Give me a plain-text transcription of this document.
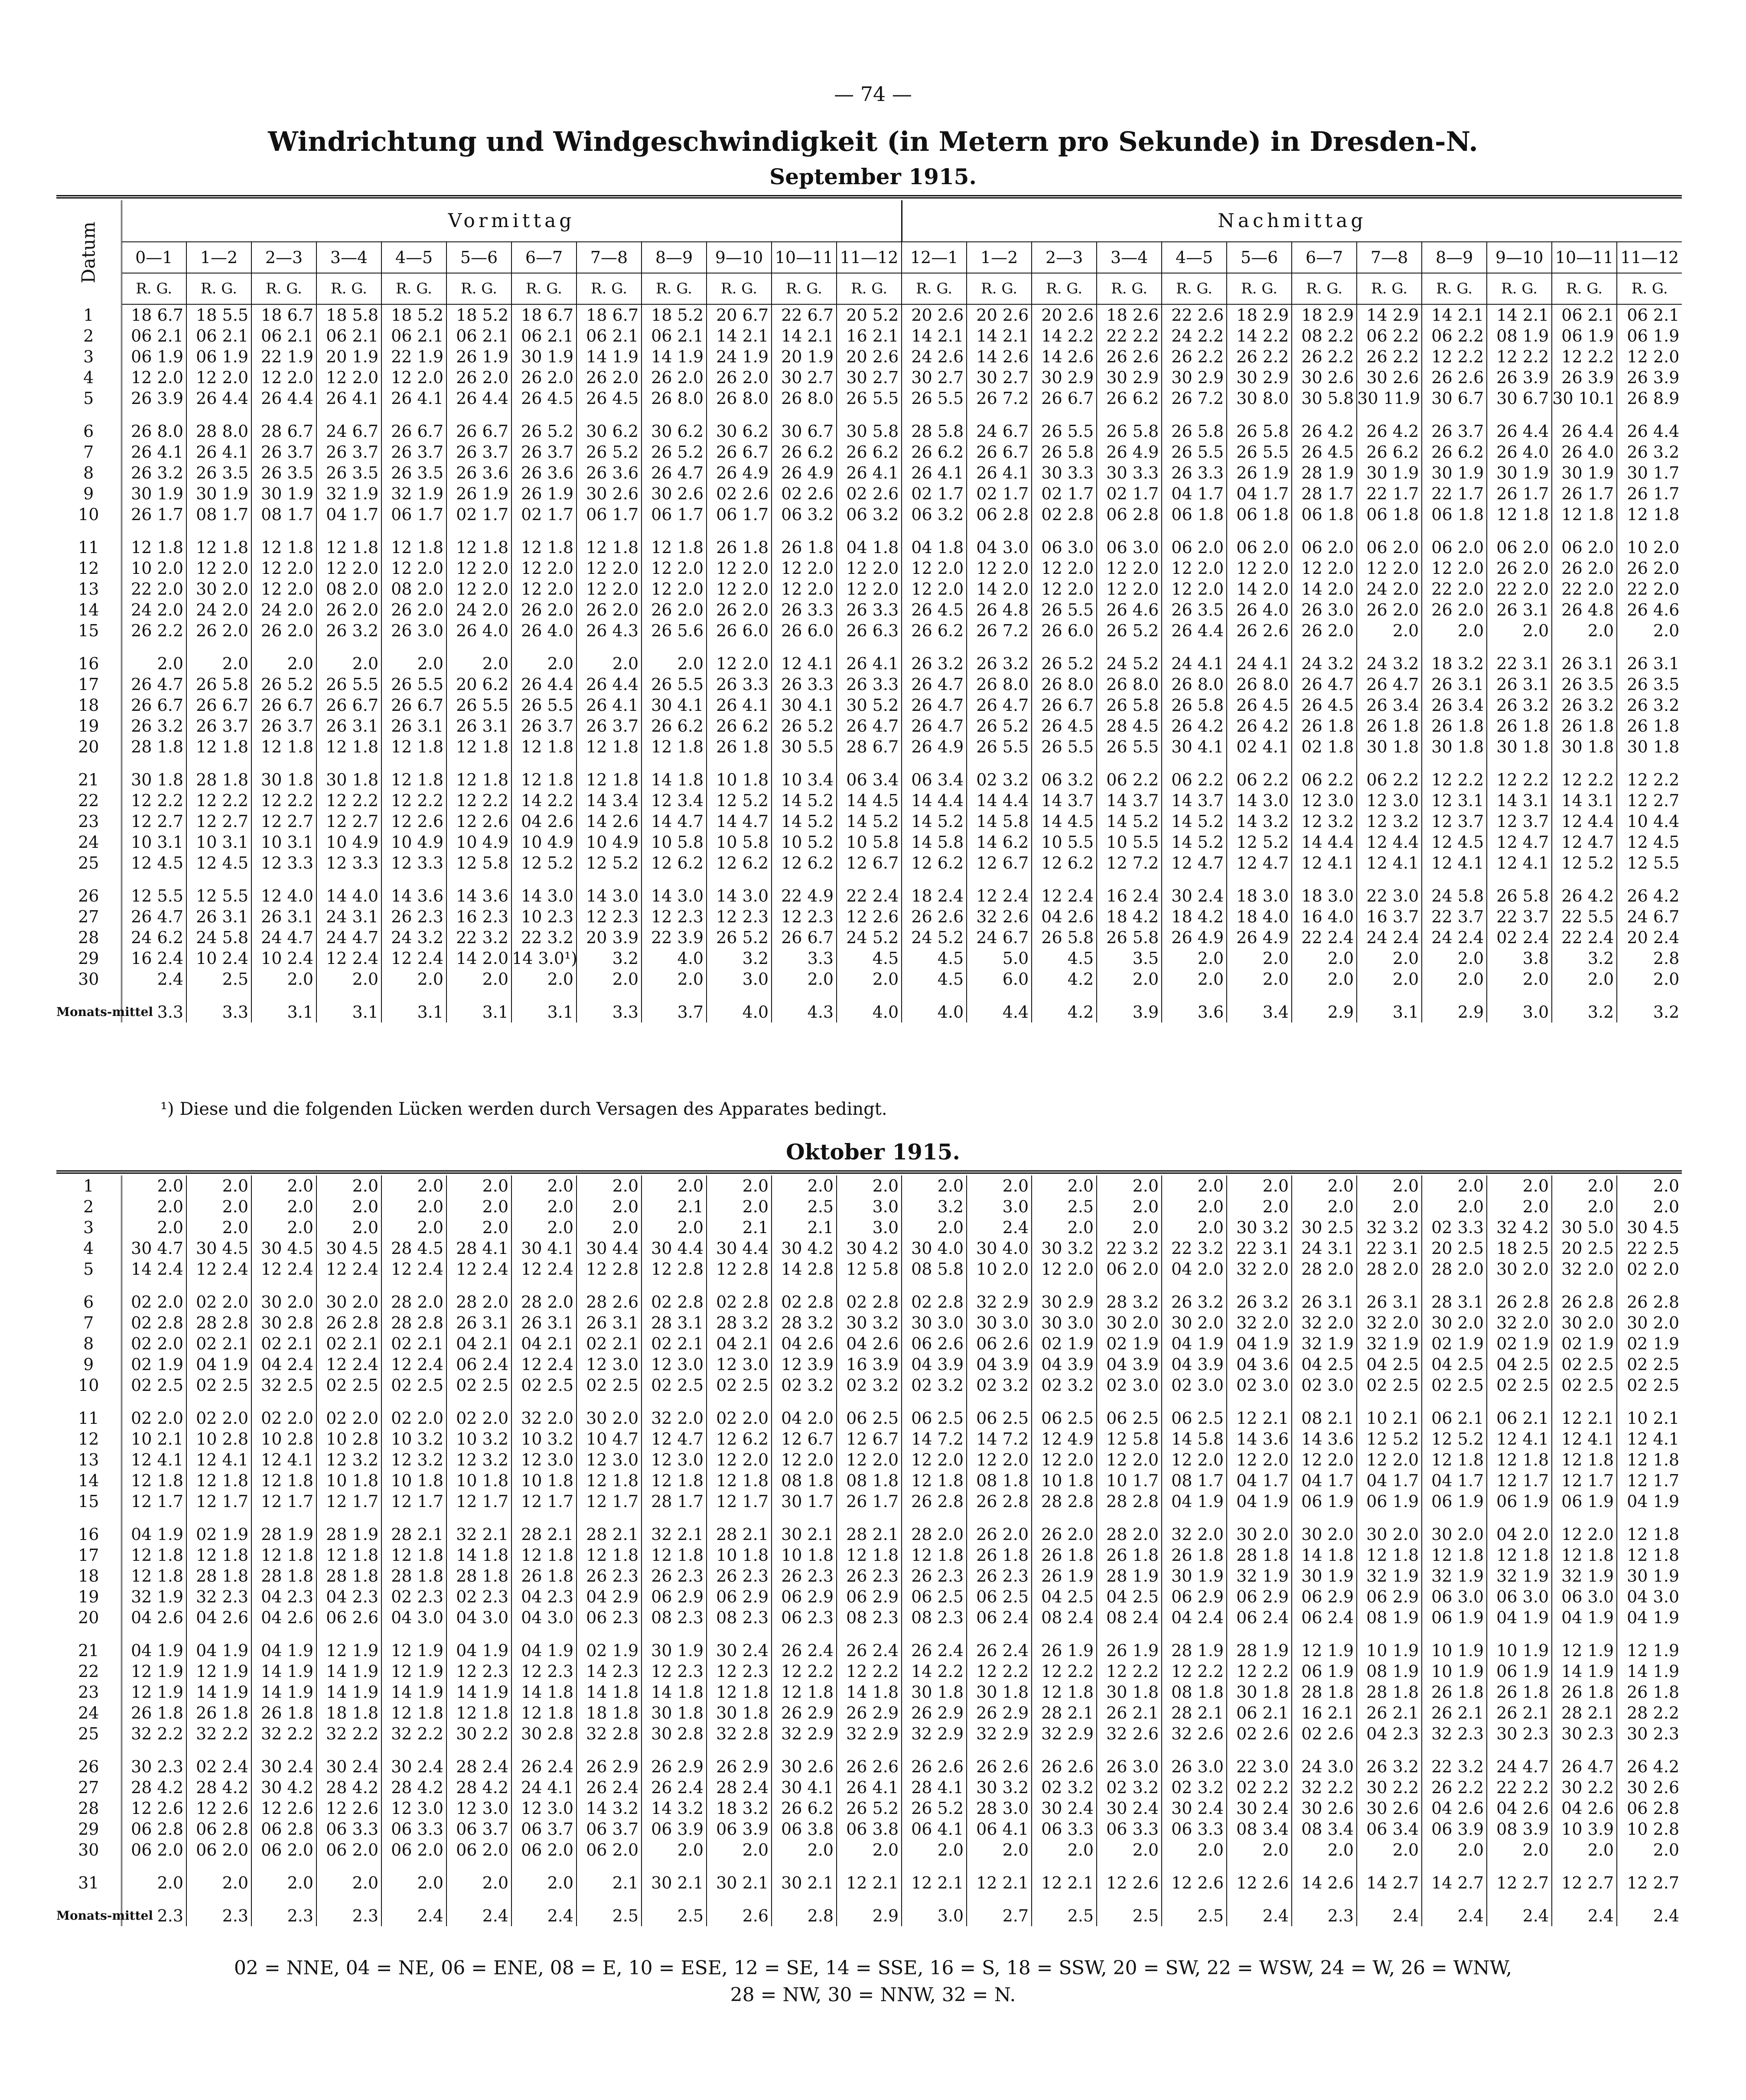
— 74 —
Windrichtung und Windgeschwindigkeit (in Metern pro Sekunde) in Dresden-N.
September 1915.
Datum	Vormittag												Nachmittag											
	0—1	1—2	2—3	3—4	4—5	5—6	6—7	7—8	8—9	9—10	10—11	11—12	12—1	1—2	2—3	3—4	4—5	5—6	6—7	7—8	8—9	9—10	10—11	11—12
	R. G.	R. G.	R. G.	R. G.	R. G.	R. G.	R. G.	R. G.	R. G.	R. G.	R. G.	R. G.	R. G.	R. G.	R. G.	R. G.	R. G.	R. G.	R. G.	R. G.	R. G.	R. G.	R. G.	R. G.
1	18 6.7	18 5.5	18 6.7	18 5.8	18 5.2	18 5.2	18 6.7	18 6.7	18 5.2	20 6.7	22 6.7	20 5.2	20 2.6	20 2.6	20 2.6	18 2.6	22 2.6	18 2.9	18 2.9	14 2.9	14 2.1	14 2.1	06 2.1	06 2.1
2	06 2.1	06 2.1	06 2.1	06 2.1	06 2.1	06 2.1	06 2.1	06 2.1	06 2.1	14 2.1	14 2.1	16 2.1	14 2.1	14 2.1	14 2.2	22 2.2	24 2.2	14 2.2	08 2.2	06 2.2	06 2.2	08 1.9	06 1.9	06 1.9
3	06 1.9	06 1.9	22 1.9	20 1.9	22 1.9	26 1.9	30 1.9	14 1.9	14 1.9	24 1.9	20 1.9	20 2.6	24 2.6	14 2.6	14 2.6	26 2.6	26 2.2	26 2.2	26 2.2	26 2.2	12 2.2	12 2.2	12 2.2	12 2.0
4	12 2.0	12 2.0	12 2.0	12 2.0	12 2.0	26 2.0	26 2.0	26 2.0	26 2.0	26 2.0	30 2.7	30 2.7	30 2.7	30 2.7	30 2.9	30 2.9	30 2.9	30 2.9	30 2.6	30 2.6	26 2.6	26 3.9	26 3.9	26 3.9
5	26 3.9	26 4.4	26 4.4	26 4.1	26 4.1	26 4.4	26 4.5	26 4.5	26 8.0	26 8.0	26 8.0	26 5.5	26 5.5	26 7.2	26 6.7	26 6.2	26 7.2	30 8.0	30 5.8	30 11.9	30 6.7	30 6.7	30 10.1	26 8.9
6	26 8.0	28 8.0	28 6.7	24 6.7	26 6.7	26 6.7	26 5.2	30 6.2	30 6.2	30 6.2	30 6.7	30 5.8	28 5.8	24 6.7	26 5.5	26 5.8	26 5.8	26 5.8	26 4.2	26 4.2	26 3.7	26 4.4	26 4.4	26 4.4
7	26 4.1	26 4.1	26 3.7	26 3.7	26 3.7	26 3.7	26 3.7	26 5.2	26 5.2	26 6.7	26 6.2	26 6.2	26 6.2	26 6.7	26 5.8	26 4.9	26 5.5	26 5.5	26 4.5	26 6.2	26 6.2	26 4.0	26 4.0	26 3.2
8	26 3.2	26 3.5	26 3.5	26 3.5	26 3.5	26 3.6	26 3.6	26 3.6	26 4.7	26 4.9	26 4.9	26 4.1	26 4.1	26 4.1	30 3.3	30 3.3	26 3.3	26 1.9	28 1.9	30 1.9	30 1.9	30 1.9	30 1.9	30 1.7
9	30 1.9	30 1.9	30 1.9	32 1.9	32 1.9	26 1.9	26 1.9	30 2.6	30 2.6	02 2.6	02 2.6	02 2.6	02 1.7	02 1.7	02 1.7	02 1.7	04 1.7	04 1.7	28 1.7	22 1.7	22 1.7	26 1.7	26 1.7	26 1.7
10	26 1.7	08 1.7	08 1.7	04 1.7	06 1.7	02 1.7	02 1.7	06 1.7	06 1.7	06 1.7	06 3.2	06 3.2	06 3.2	06 2.8	02 2.8	06 2.8	06 1.8	06 1.8	06 1.8	06 1.8	06 1.8	12 1.8	12 1.8	12 1.8
11	12 1.8	12 1.8	12 1.8	12 1.8	12 1.8	12 1.8	12 1.8	12 1.8	12 1.8	26 1.8	26 1.8	04 1.8	04 1.8	04 3.0	06 3.0	06 3.0	06 2.0	06 2.0	06 2.0	06 2.0	06 2.0	06 2.0	06 2.0	10 2.0
12	10 2.0	12 2.0	12 2.0	12 2.0	12 2.0	12 2.0	12 2.0	12 2.0	12 2.0	12 2.0	12 2.0	12 2.0	12 2.0	12 2.0	12 2.0	12 2.0	12 2.0	12 2.0	12 2.0	12 2.0	12 2.0	26 2.0	26 2.0	26 2.0
13	22 2.0	30 2.0	12 2.0	08 2.0	08 2.0	12 2.0	12 2.0	12 2.0	12 2.0	12 2.0	12 2.0	12 2.0	12 2.0	14 2.0	12 2.0	12 2.0	12 2.0	14 2.0	14 2.0	24 2.0	22 2.0	22 2.0	22 2.0	22 2.0
14	24 2.0	24 2.0	24 2.0	26 2.0	26 2.0	24 2.0	26 2.0	26 2.0	26 2.0	26 2.0	26 3.3	26 3.3	26 4.5	26 4.8	26 5.5	26 4.6	26 3.5	26 4.0	26 3.0	26 2.0	26 2.0	26 3.1	26 4.8	26 4.6
15	26 2.2	26 2.0	26 2.0	26 3.2	26 3.0	26 4.0	26 4.0	26 4.3	26 5.6	26 6.0	26 6.0	26 6.3	26 6.2	26 7.2	26 6.0	26 5.2	26 4.4	26 2.6	26 2.0	2.0	2.0	2.0	2.0	2.0
16	2.0	2.0	2.0	2.0	2.0	2.0	2.0	2.0	2.0	12 2.0	12 4.1	26 4.1	26 3.2	26 3.2	26 5.2	24 5.2	24 4.1	24 4.1	24 3.2	24 3.2	18 3.2	22 3.1	26 3.1	26 3.1
17	26 4.7	26 5.8	26 5.2	26 5.5	26 5.5	20 6.2	26 4.4	26 4.4	26 5.5	26 3.3	26 3.3	26 3.3	26 4.7	26 8.0	26 8.0	26 8.0	26 8.0	26 8.0	26 4.7	26 4.7	26 3.1	26 3.1	26 3.5	26 3.5
18	26 6.7	26 6.7	26 6.7	26 6.7	26 6.7	26 5.5	26 5.5	26 4.1	30 4.1	26 4.1	30 4.1	30 5.2	26 4.7	26 4.7	26 6.7	26 5.8	26 5.8	26 4.5	26 4.5	26 3.4	26 3.4	26 3.2	26 3.2	26 3.2
19	26 3.2	26 3.7	26 3.7	26 3.1	26 3.1	26 3.1	26 3.7	26 3.7	26 6.2	26 6.2	26 5.2	26 4.7	26 4.7	26 5.2	26 4.5	28 4.5	26 4.2	26 4.2	26 1.8	26 1.8	26 1.8	26 1.8	26 1.8	26 1.8
20	28 1.8	12 1.8	12 1.8	12 1.8	12 1.8	12 1.8	12 1.8	12 1.8	12 1.8	26 1.8	30 5.5	28 6.7	26 4.9	26 5.5	26 5.5	26 5.5	30 4.1	02 4.1	02 1.8	30 1.8	30 1.8	30 1.8	30 1.8	30 1.8
21	30 1.8	28 1.8	30 1.8	30 1.8	12 1.8	12 1.8	12 1.8	12 1.8	14 1.8	10 1.8	10 3.4	06 3.4	06 3.4	02 3.2	06 3.2	06 2.2	06 2.2	06 2.2	06 2.2	06 2.2	12 2.2	12 2.2	12 2.2	12 2.2
22	12 2.2	12 2.2	12 2.2	12 2.2	12 2.2	12 2.2	14 2.2	14 3.4	12 3.4	12 5.2	14 5.2	14 4.5	14 4.4	14 4.4	14 3.7	14 3.7	14 3.7	14 3.0	12 3.0	12 3.0	12 3.1	14 3.1	14 3.1	12 2.7
23	12 2.7	12 2.7	12 2.7	12 2.7	12 2.6	12 2.6	04 2.6	14 2.6	14 4.7	14 4.7	14 5.2	14 5.2	14 5.2	14 5.8	14 4.5	14 5.2	14 5.2	14 3.2	12 3.2	12 3.2	12 3.7	12 3.7	12 4.4	10 4.4
24	10 3.1	10 3.1	10 3.1	10 4.9	10 4.9	10 4.9	10 4.9	10 4.9	10 5.8	10 5.8	10 5.2	10 5.8	14 5.8	14 6.2	10 5.5	10 5.5	14 5.2	12 5.2	14 4.4	12 4.4	12 4.5	12 4.7	12 4.7	12 4.5
25	12 4.5	12 4.5	12 3.3	12 3.3	12 3.3	12 5.8	12 5.2	12 5.2	12 6.2	12 6.2	12 6.2	12 6.7	12 6.2	12 6.7	12 6.2	12 7.2	12 4.7	12 4.7	12 4.1	12 4.1	12 4.1	12 4.1	12 5.2	12 5.5
26	12 5.5	12 5.5	12 4.0	14 4.0	14 3.6	14 3.6	14 3.0	14 3.0	14 3.0	14 3.0	22 4.9	22 2.4	18 2.4	12 2.4	12 2.4	16 2.4	30 2.4	18 3.0	18 3.0	22 3.0	24 5.8	26 5.8	26 4.2	26 4.2
27	26 4.7	26 3.1	26 3.1	24 3.1	26 2.3	16 2.3	10 2.3	12 2.3	12 2.3	12 2.3	12 2.3	12 2.6	26 2.6	32 2.6	04 2.6	18 4.2	18 4.2	18 4.0	16 4.0	16 3.7	22 3.7	22 3.7	22 5.5	24 6.7
28	24 6.2	24 5.8	24 4.7	24 4.7	24 3.2	22 3.2	22 3.2	20 3.9	22 3.9	26 5.2	26 6.7	24 5.2	24 5.2	24 6.7	26 5.8	26 5.8	26 4.9	26 4.9	22 2.4	24 2.4	24 2.4	02 2.4	22 2.4	20 2.4
29	16 2.4	10 2.4	10 2.4	12 2.4	12 2.4	14 2.0	14 3.0¹)	3.2	4.0	3.2	3.3	4.5	4.5	5.0	4.5	3.5	2.0	2.0	2.0	2.0	2.0	3.8	3.2	2.8
30	2.4	2.5	2.0	2.0	2.0	2.0	2.0	2.0	2.0	3.0	2.0	2.0	4.5	6.0	4.2	2.0	2.0	2.0	2.0	2.0	2.0	2.0	2.0	2.0
Monats-mittel	3.3	3.3	3.1	3.1	3.1	3.1	3.1	3.3	3.7	4.0	4.3	4.0	4.0	4.4	4.2	3.9	3.6	3.4	2.9	3.1	2.9	3.0	3.2	3.2
¹) Diese und die folgenden Lücken werden durch Versagen des Apparates bedingt.
Oktober 1915.
1	2.0	2.0	2.0	2.0	2.0	2.0	2.0	2.0	2.0	2.0	2.0	2.0	2.0	2.0	2.0	2.0	2.0	2.0	2.0	2.0	2.0	2.0	2.0	2.0
2	2.0	2.0	2.0	2.0	2.0	2.0	2.0	2.0	2.1	2.0	2.5	3.0	3.2	3.0	2.5	2.0	2.0	2.0	2.0	2.0	2.0	2.0	2.0	2.0
3	2.0	2.0	2.0	2.0	2.0	2.0	2.0	2.0	2.0	2.1	2.1	3.0	2.0	2.4	2.0	2.0	2.0	30 3.2	30 2.5	32 3.2	02 3.3	32 4.2	30 5.0	30 4.5
4	30 4.7	30 4.5	30 4.5	30 4.5	28 4.5	28 4.1	30 4.1	30 4.4	30 4.4	30 4.4	30 4.2	30 4.2	30 4.0	30 4.0	30 3.2	22 3.2	22 3.2	22 3.1	24 3.1	22 3.1	20 2.5	18 2.5	20 2.5	22 2.5
5	14 2.4	12 2.4	12 2.4	12 2.4	12 2.4	12 2.4	12 2.4	12 2.8	12 2.8	12 2.8	14 2.8	12 5.8	08 5.8	10 2.0	12 2.0	06 2.0	04 2.0	32 2.0	28 2.0	28 2.0	28 2.0	30 2.0	32 2.0	02 2.0
6	02 2.0	02 2.0	30 2.0	30 2.0	28 2.0	28 2.0	28 2.0	28 2.6	02 2.8	02 2.8	02 2.8	02 2.8	02 2.8	32 2.9	30 2.9	28 3.2	26 3.2	26 3.2	26 3.1	26 3.1	28 3.1	26 2.8	26 2.8	26 2.8
7	02 2.8	28 2.8	30 2.8	26 2.8	28 2.8	26 3.1	26 3.1	26 3.1	28 3.1	28 3.2	28 3.2	30 3.2	30 3.0	30 3.0	30 3.0	30 2.0	30 2.0	32 2.0	32 2.0	32 2.0	30 2.0	32 2.0	30 2.0	30 2.0
8	02 2.0	02 2.1	02 2.1	02 2.1	02 2.1	04 2.1	04 2.1	02 2.1	02 2.1	04 2.1	04 2.6	04 2.6	06 2.6	06 2.6	02 1.9	02 1.9	04 1.9	04 1.9	32 1.9	32 1.9	02 1.9	02 1.9	02 1.9	02 1.9
9	02 1.9	04 1.9	04 2.4	12 2.4	12 2.4	06 2.4	12 2.4	12 3.0	12 3.0	12 3.0	12 3.9	16 3.9	04 3.9	04 3.9	04 3.9	04 3.9	04 3.9	04 3.6	04 2.5	04 2.5	04 2.5	04 2.5	02 2.5	02 2.5
10	02 2.5	02 2.5	32 2.5	02 2.5	02 2.5	02 2.5	02 2.5	02 2.5	02 2.5	02 2.5	02 3.2	02 3.2	02 3.2	02 3.2	02 3.2	02 3.0	02 3.0	02 3.0	02 3.0	02 2.5	02 2.5	02 2.5	02 2.5	02 2.5
11	02 2.0	02 2.0	02 2.0	02 2.0	02 2.0	02 2.0	32 2.0	30 2.0	32 2.0	02 2.0	04 2.0	06 2.5	06 2.5	06 2.5	06 2.5	06 2.5	06 2.5	12 2.1	08 2.1	10 2.1	06 2.1	06 2.1	12 2.1	10 2.1
12	10 2.1	10 2.8	10 2.8	10 2.8	10 3.2	10 3.2	10 3.2	10 4.7	12 4.7	12 6.2	12 6.7	12 6.7	14 7.2	14 7.2	12 4.9	12 5.8	14 5.8	14 3.6	14 3.6	12 5.2	12 5.2	12 4.1	12 4.1	12 4.1
13	12 4.1	12 4.1	12 4.1	12 3.2	12 3.2	12 3.2	12 3.0	12 3.0	12 3.0	12 2.0	12 2.0	12 2.0	12 2.0	12 2.0	12 2.0	12 2.0	12 2.0	12 2.0	12 2.0	12 2.0	12 1.8	12 1.8	12 1.8	12 1.8
14	12 1.8	12 1.8	12 1.8	10 1.8	10 1.8	10 1.8	10 1.8	12 1.8	12 1.8	12 1.8	08 1.8	08 1.8	12 1.8	08 1.8	10 1.8	10 1.7	08 1.7	04 1.7	04 1.7	04 1.7	04 1.7	12 1.7	12 1.7	12 1.7
15	12 1.7	12 1.7	12 1.7	12 1.7	12 1.7	12 1.7	12 1.7	12 1.7	28 1.7	12 1.7	30 1.7	26 1.7	26 2.8	26 2.8	28 2.8	28 2.8	04 1.9	04 1.9	06 1.9	06 1.9	06 1.9	06 1.9	06 1.9	04 1.9
16	04 1.9	02 1.9	28 1.9	28 1.9	28 2.1	32 2.1	28 2.1	28 2.1	32 2.1	28 2.1	30 2.1	28 2.1	28 2.0	26 2.0	26 2.0	28 2.0	32 2.0	30 2.0	30 2.0	30 2.0	30 2.0	04 2.0	12 2.0	12 1.8
17	12 1.8	12 1.8	12 1.8	12 1.8	12 1.8	14 1.8	12 1.8	12 1.8	12 1.8	10 1.8	10 1.8	12 1.8	12 1.8	26 1.8	26 1.8	26 1.8	26 1.8	28 1.8	14 1.8	12 1.8	12 1.8	12 1.8	12 1.8	12 1.8
18	12 1.8	28 1.8	28 1.8	28 1.8	28 1.8	28 1.8	26 1.8	26 2.3	26 2.3	26 2.3	26 2.3	26 2.3	26 2.3	26 2.3	26 1.9	28 1.9	30 1.9	32 1.9	30 1.9	32 1.9	32 1.9	32 1.9	32 1.9	30 1.9
19	32 1.9	32 2.3	04 2.3	04 2.3	02 2.3	02 2.3	04 2.3	04 2.9	06 2.9	06 2.9	06 2.9	06 2.9	06 2.5	06 2.5	04 2.5	04 2.5	06 2.9	06 2.9	06 2.9	06 2.9	06 3.0	06 3.0	06 3.0	04 3.0
20	04 2.6	04 2.6	04 2.6	06 2.6	04 3.0	04 3.0	04 3.0	06 2.3	08 2.3	08 2.3	06 2.3	08 2.3	08 2.3	06 2.4	08 2.4	08 2.4	04 2.4	06 2.4	06 2.4	08 1.9	06 1.9	04 1.9	04 1.9	04 1.9
21	04 1.9	04 1.9	04 1.9	12 1.9	12 1.9	04 1.9	04 1.9	02 1.9	30 1.9	30 2.4	26 2.4	26 2.4	26 2.4	26 2.4	26 1.9	26 1.9	28 1.9	28 1.9	12 1.9	10 1.9	10 1.9	10 1.9	12 1.9	12 1.9
22	12 1.9	12 1.9	14 1.9	14 1.9	12 1.9	12 2.3	12 2.3	14 2.3	12 2.3	12 2.3	12 2.2	12 2.2	14 2.2	12 2.2	12 2.2	12 2.2	12 2.2	12 2.2	06 1.9	08 1.9	10 1.9	06 1.9	14 1.9	14 1.9
23	12 1.9	14 1.9	14 1.9	14 1.9	14 1.9	14 1.9	14 1.8	14 1.8	14 1.8	12 1.8	12 1.8	14 1.8	30 1.8	30 1.8	12 1.8	30 1.8	08 1.8	30 1.8	28 1.8	28 1.8	26 1.8	26 1.8	26 1.8	26 1.8
24	26 1.8	26 1.8	26 1.8	18 1.8	12 1.8	12 1.8	12 1.8	18 1.8	30 1.8	30 1.8	26 2.9	26 2.9	26 2.9	26 2.9	28 2.1	26 2.1	28 2.1	06 2.1	16 2.1	26 2.1	26 2.1	26 2.1	28 2.1	28 2.2
25	32 2.2	32 2.2	32 2.2	32 2.2	32 2.2	30 2.2	30 2.8	32 2.8	30 2.8	32 2.8	32 2.9	32 2.9	32 2.9	32 2.9	32 2.9	32 2.6	32 2.6	02 2.6	02 2.6	04 2.3	32 2.3	30 2.3	30 2.3	30 2.3
26	30 2.3	02 2.4	30 2.4	30 2.4	30 2.4	28 2.4	26 2.4	26 2.9	26 2.9	26 2.9	30 2.6	26 2.6	26 2.6	26 2.6	26 2.6	26 3.0	26 3.0	22 3.0	24 3.0	26 3.2	22 3.2	24 4.7	26 4.7	26 4.2
27	28 4.2	28 4.2	30 4.2	28 4.2	28 4.2	28 4.2	24 4.1	26 2.4	26 2.4	28 2.4	30 4.1	26 4.1	28 4.1	30 3.2	02 3.2	02 3.2	02 3.2	02 2.2	32 2.2	30 2.2	26 2.2	22 2.2	30 2.2	30 2.6
28	12 2.6	12 2.6	12 2.6	12 2.6	12 3.0	12 3.0	12 3.0	14 3.2	14 3.2	18 3.2	26 6.2	26 5.2	26 5.2	28 3.0	30 2.4	30 2.4	30 2.4	30 2.4	30 2.6	30 2.6	04 2.6	04 2.6	04 2.6	06 2.8
29	06 2.8	06 2.8	06 2.8	06 3.3	06 3.3	06 3.7	06 3.7	06 3.7	06 3.9	06 3.9	06 3.8	06 3.8	06 4.1	06 4.1	06 3.3	06 3.3	06 3.3	08 3.4	08 3.4	06 3.4	06 3.9	08 3.9	10 3.9	10 2.8
30	06 2.0	06 2.0	06 2.0	06 2.0	06 2.0	06 2.0	06 2.0	06 2.0	2.0	2.0	2.0	2.0	2.0	2.0	2.0	2.0	2.0	2.0	2.0	2.0	2.0	2.0	2.0	2.0
31	2.0	2.0	2.0	2.0	2.0	2.0	2.0	2.1	30 2.1	30 2.1	30 2.1	12 2.1	12 2.1	12 2.1	12 2.1	12 2.6	12 2.6	12 2.6	14 2.6	14 2.7	14 2.7	12 2.7	12 2.7	12 2.7
Monats-mittel	2.3	2.3	2.3	2.3	2.4	2.4	2.4	2.5	2.5	2.6	2.8	2.9	3.0	2.7	2.5	2.5	2.5	2.4	2.3	2.4	2.4	2.4	2.4	2.4
02 = NNE, 04 = NE, 06 = ENE, 08 = E, 10 = ESE, 12 = SE, 14 = SSE, 16 = S, 18 = SSW, 20 = SW, 22 = WSW, 24 = W, 26 = WNW,
28 = NW, 30 = NNW, 32 = N.
